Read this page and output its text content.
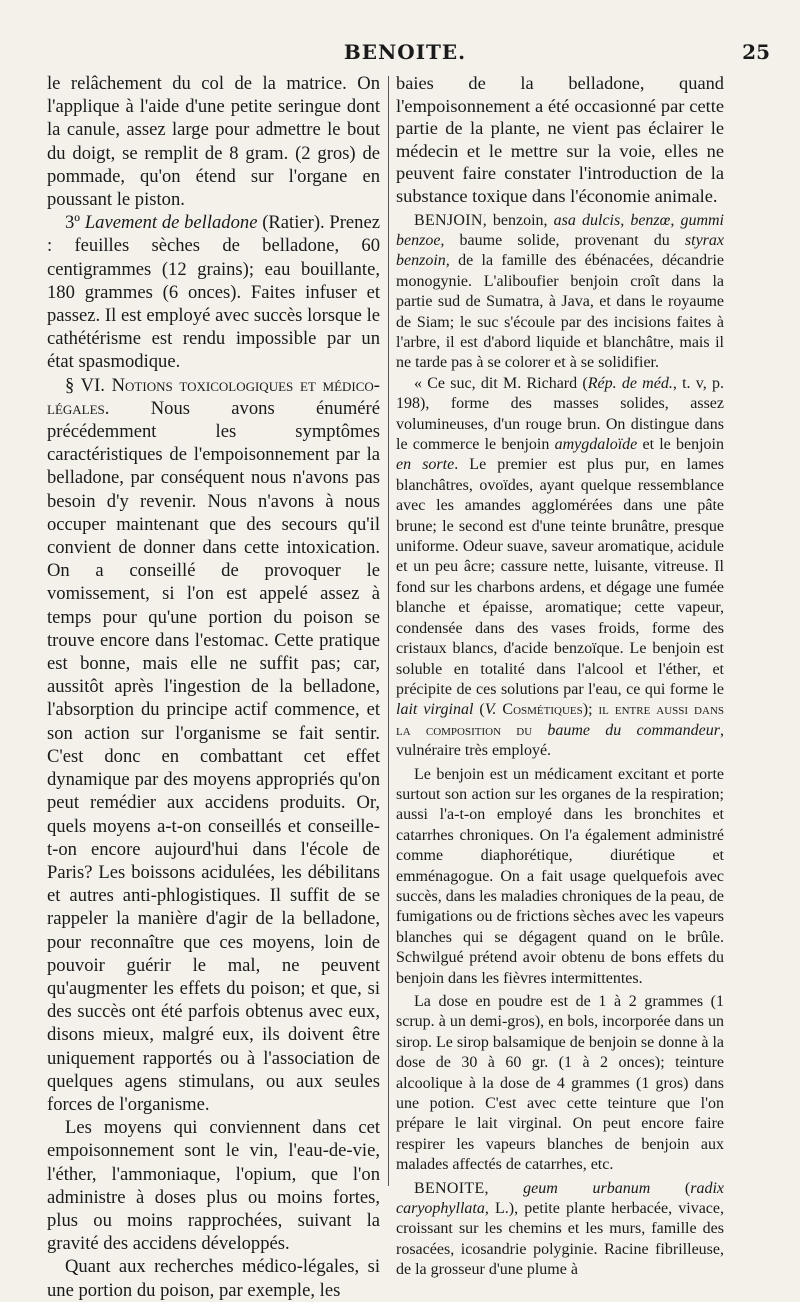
BENOITE.	25

le relâchement du col de la matrice. On l'applique à l'aide d'une petite seringue dont la canule, assez large pour admettre le bout du doigt, se remplit de 8 gram. (2 gros) de pommade, qu'on étend sur l'organe en poussant le piston.

3º Lavement de belladone (Ratier). Prenez : feuilles sèches de belladone, 60 centigrammes (12 grains); eau bouillante, 180 grammes (6 onces). Faites infuser et passez. Il est employé avec succès lorsque le cathétérisme est rendu impossible par un état spasmodique.

§ VI. Notions toxicologiques et médico-légales. Nous avons énuméré précédemment les symptômes caractéristiques de l'empoisonnement par la belladone, par conséquent nous n'avons pas besoin d'y revenir. Nous n'avons à nous occuper maintenant que des secours qu'il convient de donner dans cette intoxication. On a conseillé de provoquer le vomissement, si l'on est appelé assez à temps pour qu'une portion du poison se trouve encore dans l'estomac. Cette pratique est bonne, mais elle ne suffit pas; car, aussitôt après l'ingestion de la belladone, l'absorption du principe actif commence, et son action sur l'organisme se fait sentir. C'est donc en combattant cet effet dynamique par des moyens appropriés qu'on peut remédier aux accidens produits. Or, quels moyens a-t-on conseillés et conseille-t-on encore aujourd'hui dans l'école de Paris? Les boissons acidulées, les débilitans et autres anti-phlogistiques. Il suffit de se rappeler la manière d'agir de la belladone, pour reconnaître que ces moyens, loin de pouvoir guérir le mal, ne peuvent qu'augmenter les effets du poison; et que, si des succès ont été parfois obtenus avec eux, disons mieux, malgré eux, ils doivent être uniquement rapportés ou à l'association de quelques agens stimulans, ou aux seules forces de l'organisme.

Les moyens qui conviennent dans cet empoisonnement sont le vin, l'eau-de-vie, l'éther, l'ammoniaque, l'opium, que l'on administre à doses plus ou moins fortes, plus ou moins rapprochées, suivant la gravité des accidens développés.

Quant aux recherches médico-légales, si une portion du poison, par exemple, les

baies de la belladone, quand l'empoisonnement a été occasionné par cette partie de la plante, ne vient pas éclairer le médecin et le mettre sur la voie, elles ne peuvent faire constater l'introduction de la substance toxique dans l'économie animale.

BENJOIN, benzoin, asa dulcis, benzœ, gummi benzoe, baume solide, provenant du styrax benzoin, de la famille des ébénacées, décandrie monogynie. L'aliboufier benjoin croît dans la partie sud de Sumatra, à Java, et dans le royaume de Siam; le suc s'écoule par des incisions faites à l'arbre, il est d'abord liquide et blanchâtre, mais il ne tarde pas à se colorer et à se solidifier.

« Ce suc, dit M. Richard (Rép. de méd., t. v, p. 198), forme des masses solides, assez volumineuses, d'un rouge brun. On distingue dans le commerce le benjoin amygdaloïde et le benjoin en sorte. Le premier est plus pur, en lames blanchâtres, ovoïdes, ayant quelque ressemblance avec les amandes agglomérées dans une pâte brune; le second est d'une teinte brunâtre, presque uniforme. Odeur suave, saveur aromatique, acidule et un peu âcre; cassure nette, luisante, vitreuse. Il fond sur les charbons ardens, et dégage une fumée blanche et épaisse, aromatique; cette vapeur, condensée dans des vases froids, forme des cristaux blancs, d'acide benzoïque. Le benjoin est soluble en totalité dans l'alcool et l'éther, et précipite de ces solutions par l'eau, ce qui forme le lait virginal (V. Cosmétiques); il entre aussi dans la composition du baume du commandeur, vulnéraire très employé.

Le benjoin est un médicament excitant et porte surtout son action sur les organes de la respiration; aussi l'a-t-on employé dans les bronchites et catarrhes chroniques. On l'a également administré comme diaphorétique, diurétique et emménagogue. On a fait usage quelquefois avec succès, dans les maladies chroniques de la peau, de fumigations ou de frictions sèches avec les vapeurs blanches qui se dégagent quand on le brûle. Schwilgué prétend avoir obtenu de bons effets du benjoin dans les fièvres intermittentes.

La dose en poudre est de 1 à 2 grammes (1 scrup. à un demi-gros), en bols, incorporée dans un sirop. Le sirop balsamique de benjoin se donne à la dose de 30 à 60 gr. (1 à 2 onces); teinture alcoolique à la dose de 4 grammes (1 gros) dans une potion. C'est avec cette teinture que l'on prépare le lait virginal. On peut encore faire respirer les vapeurs blanches de benjoin aux malades affectés de catarrhes, etc.

BENOITE, geum urbanum (radix caryophyllata, L.), petite plante herbacée, vivace, croissant sur les chemins et les murs, famille des rosacées, icosandrie polyginie. Racine fibrilleuse, de la grosseur d'une plume à
